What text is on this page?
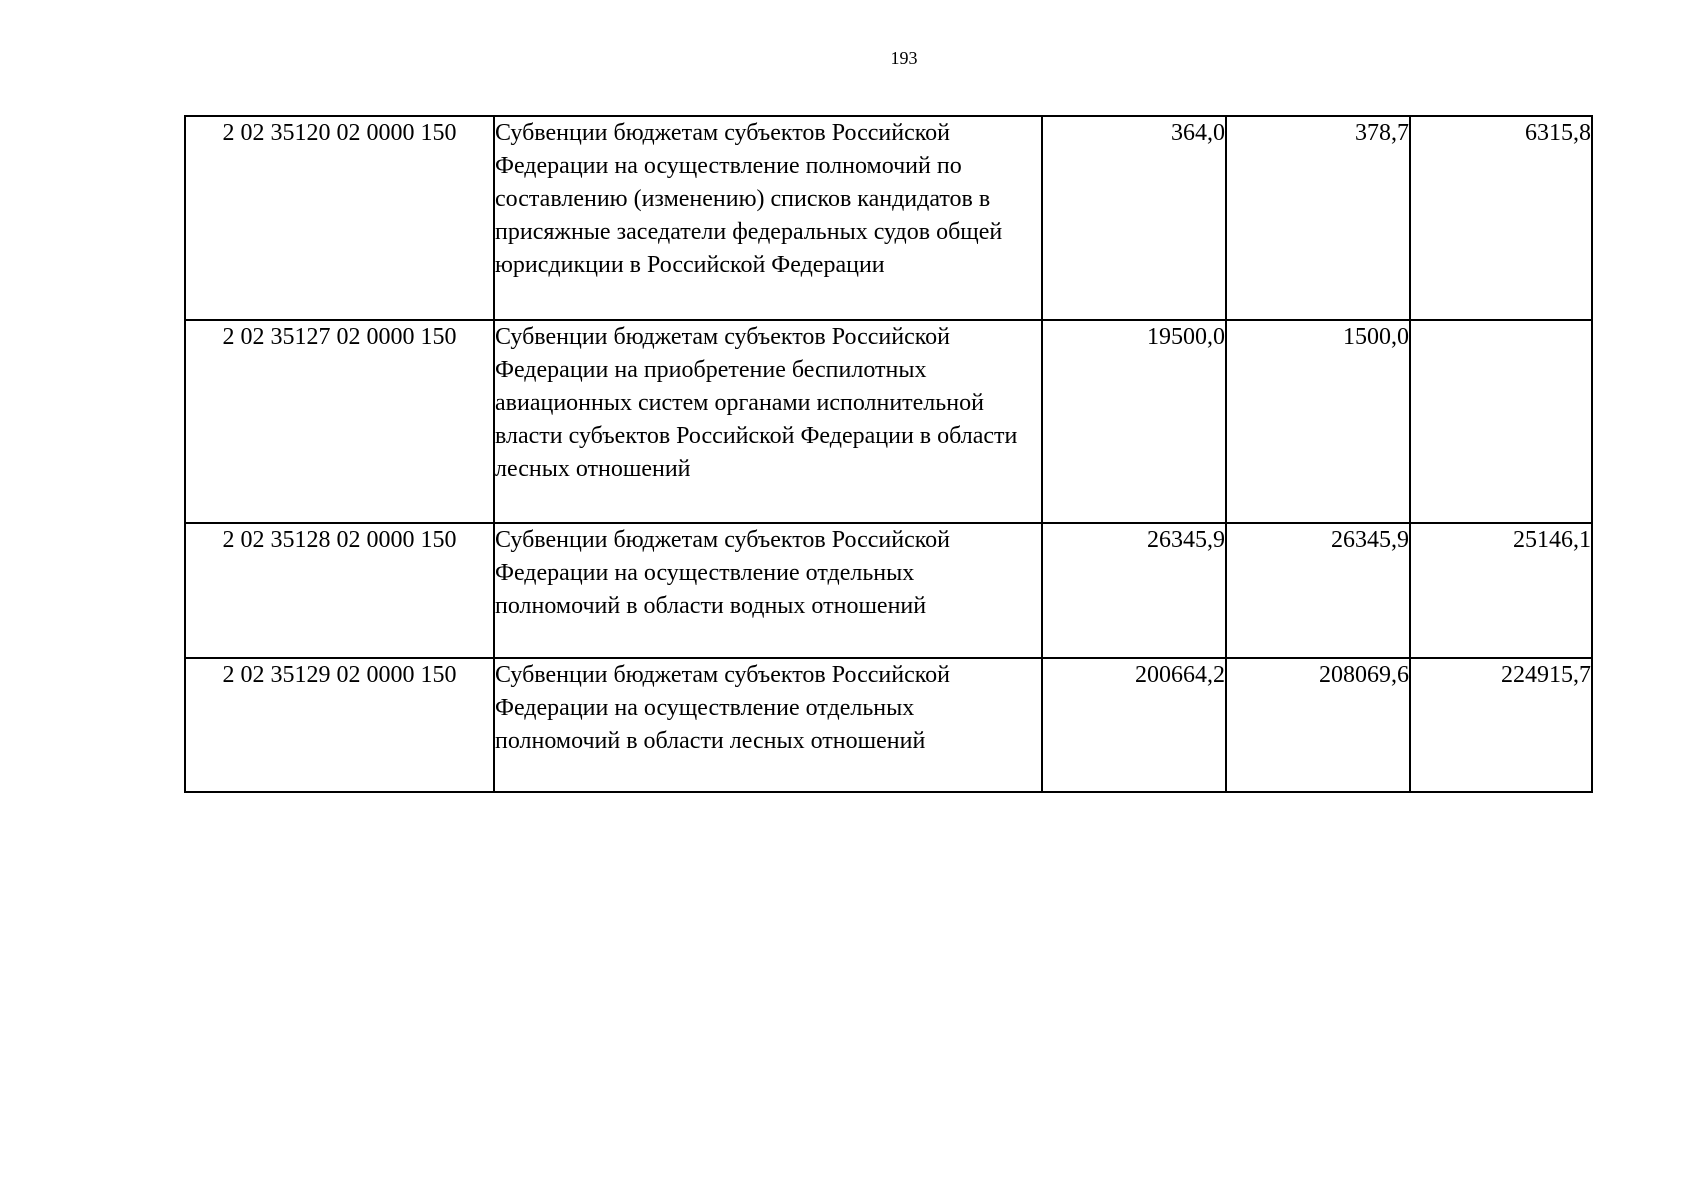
193
2 02 35120 02 0000 150	Субвенции бюджетам субъектов Российской Федерации на осуществление полномочий по составлению (изменению) списков кандидатов в присяжные заседатели федеральных судов общей юрисдикции в Российской Федерации	364,0	378,7	6315,8
2 02 35127 02 0000 150	Субвенции бюджетам субъектов Российской Федерации на приобретение беспилотных авиационных систем органами исполнительной власти субъектов Российской Федерации в области лесных отношений	19500,0	1500,0	
2 02 35128 02 0000 150	Субвенции бюджетам субъектов Российской Федерации на осуществление отдельных полномочий в области водных отношений	26345,9	26345,9	25146,1
2 02 35129 02 0000 150	Субвенции бюджетам субъектов Российской Федерации на осуществление отдельных полномочий в области лесных отношений	200664,2	208069,6	224915,7
